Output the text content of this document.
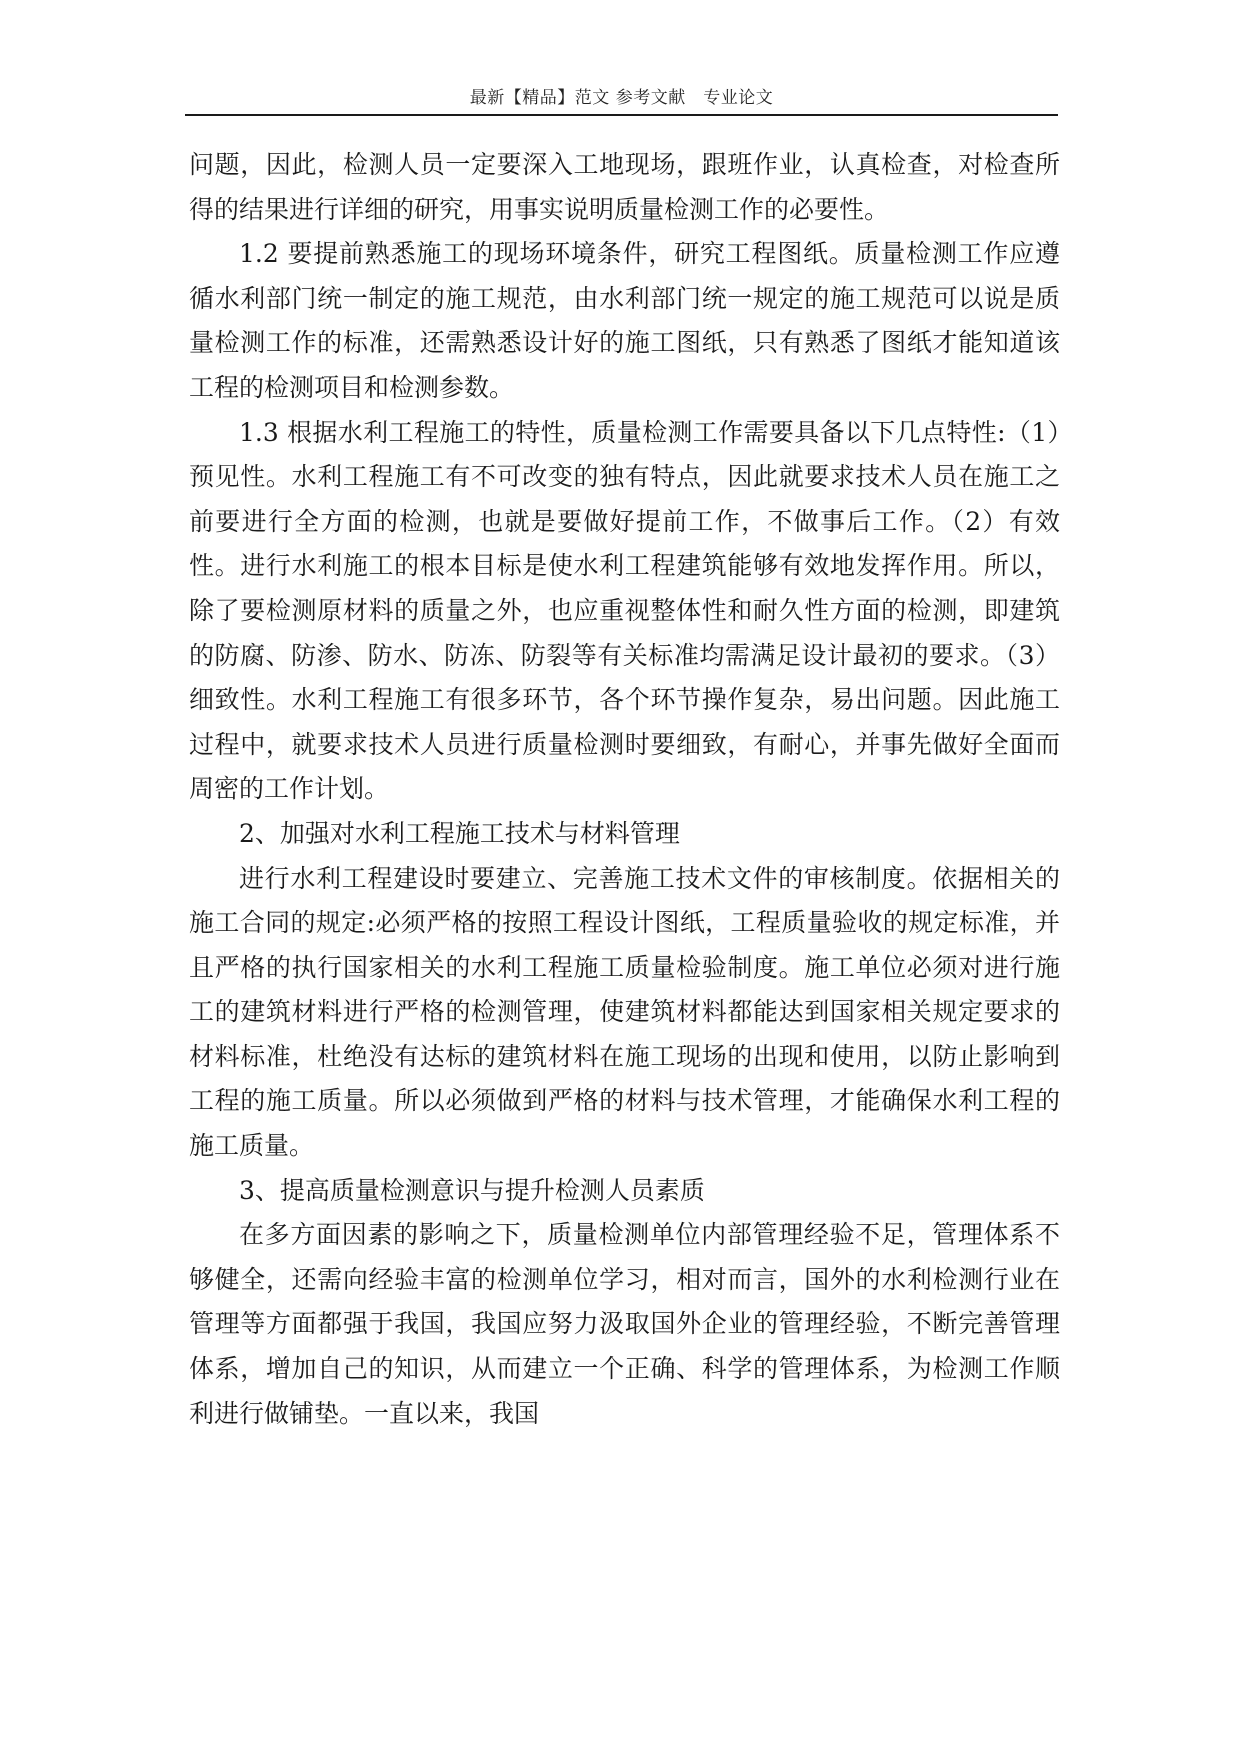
最新【精品】范文 参考文献　专业论文

问题，因此，检测人员一定要深入工地现场，跟班作业，认真检查，对检查所得的结果进行详细的研究，用事实说明质量检测工作的必要性。

1.2 要提前熟悉施工的现场环境条件，研究工程图纸。质量检测工作应遵循水利部门统一制定的施工规范，由水利部门统一规定的施工规范可以说是质量检测工作的标准，还需熟悉设计好的施工图纸，只有熟悉了图纸才能知道该工程的检测项目和检测参数。

1.3 根据水利工程施工的特性，质量检测工作需要具备以下几点特性:（1）预见性。水利工程施工有不可改变的独有特点，因此就要求技术人员在施工之前要进行全方面的检测，也就是要做好提前工作，不做事后工作。（2）有效性。进行水利施工的根本目标是使水利工程建筑能够有效地发挥作用。所以，除了要检测原材料的质量之外，也应重视整体性和耐久性方面的检测，即建筑的防腐、防渗、防水、防冻、防裂等有关标准均需满足设计最初的要求。（3）细致性。水利工程施工有很多环节，各个环节操作复杂，易出问题。因此施工过程中，就要求技术人员进行质量检测时要细致，有耐心，并事先做好全面而周密的工作计划。

2、加强对水利工程施工技术与材料管理

进行水利工程建设时要建立、完善施工技术文件的审核制度。依据相关的施工合同的规定:必须严格的按照工程设计图纸，工程质量验收的规定标准，并且严格的执行国家相关的水利工程施工质量检验制度。施工单位必须对进行施工的建筑材料进行严格的检测管理，使建筑材料都能达到国家相关规定要求的材料标准，杜绝没有达标的建筑材料在施工现场的出现和使用，以防止影响到工程的施工质量。所以必须做到严格的材料与技术管理，才能确保水利工程的施工质量。

3、提高质量检测意识与提升检测人员素质

在多方面因素的影响之下，质量检测单位内部管理经验不足，管理体系不够健全，还需向经验丰富的检测单位学习，相对而言，国外的水利检测行业在管理等方面都强于我国，我国应努力汲取国外企业的管理经验，不断完善管理体系，增加自己的知识，从而建立一个正确、科学的管理体系，为检测工作顺利进行做铺垫。一直以来，我国
